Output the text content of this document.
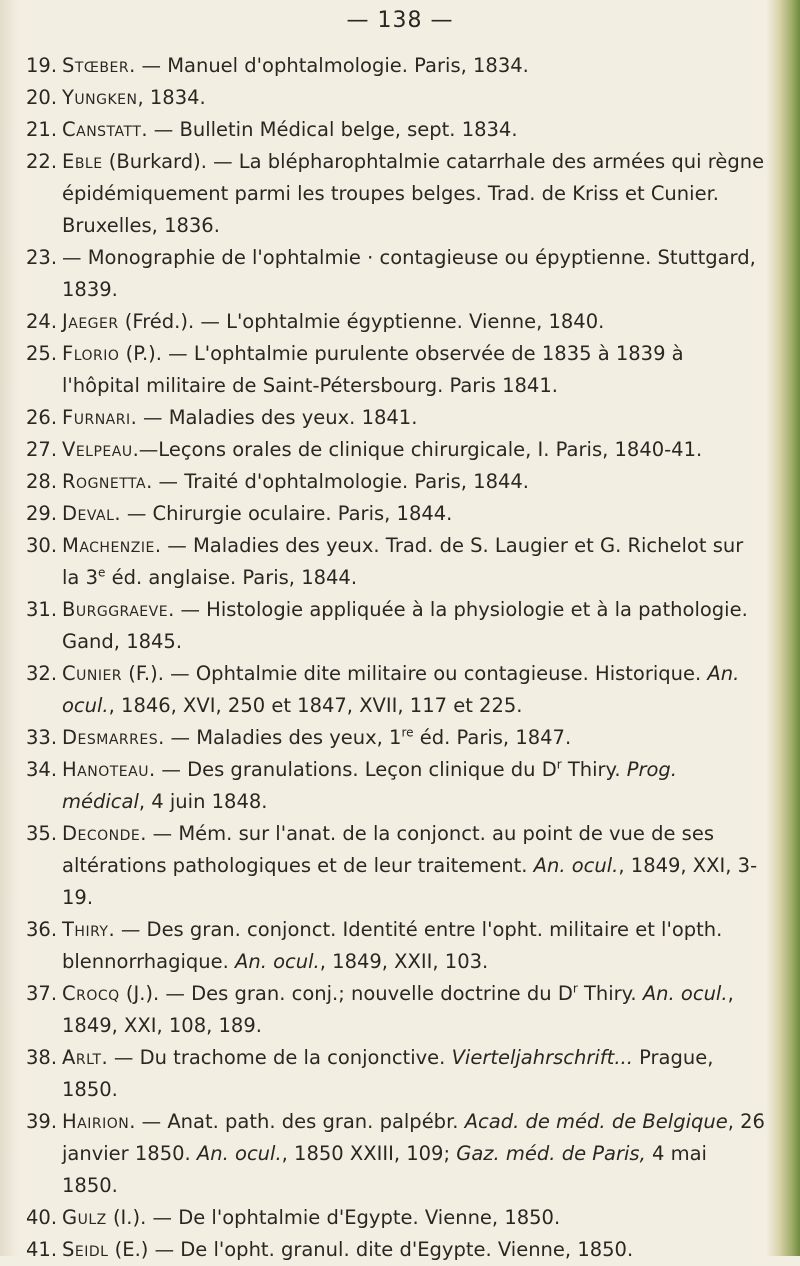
— 138 —
19. Stœber. — Manuel d'ophtalmologie. Paris, 1834.
20. Yungken, 1834.
21. Canstatt. — Bulletin Médical belge, sept. 1834.
22. Eble (Burkard). — La blépharophtalmie catarrhale des armées qui règne épidémiquement parmi les troupes belges. Trad. de Kriss et Cunier. Bruxelles, 1836.
23. — Monographie de l'ophtalmie · contagieuse ou épyptienne. Stuttgard, 1839.
24. Jaeger (Fréd.). — L'ophtalmie égyptienne. Vienne, 1840.
25. Florio (P.). — L'ophtalmie purulente observée de 1835 à 1839 à l'hôpital militaire de Saint-Pétersbourg. Paris 1841.
26. Furnari. — Maladies des yeux. 1841.
27. Velpeau.—Leçons orales de clinique chirurgicale, I. Paris, 1840-41.
28. Rognetta. — Traité d'ophtalmologie. Paris, 1844.
29. Deval. — Chirurgie oculaire. Paris, 1844.
30. Machenzie. — Maladies des yeux. Trad. de S. Laugier et G. Richelot sur la 3e éd. anglaise. Paris, 1844.
31. Burggraeve. — Histologie appliquée à la physiologie et à la pathologie. Gand, 1845.
32. Cunier (F.). — Ophtalmie dite militaire ou contagieuse. Historique. An. ocul., 1846, XVI, 250 et 1847, XVII, 117 et 225.
33. Desmarres. — Maladies des yeux, 1re éd. Paris, 1847.
34. Hanoteau. — Des granulations. Leçon clinique du $D^r$ Thiry. Prog. médical, 4 juin 1848.
35. Deconde. — Mém. sur l'anat. de la conjonct. au point de vue de ses altérations pathologiques et de leur traitement. An. ocul., 1849, XXI, 3-19.
36. Thiry. — Des gran. conjonct. Identité entre l'opht. militaire et l'opth. blennorrhagique. An. ocul., 1849, XXII, 103.
37. Crocq (J.). — Des gran. conj.; nouvelle doctrine du $D^r$ Thiry. An. ocul., 1849, XXI, 108, 189.
38. Arlt. — Du trachome de la conjonctive. Vierteljahrschrift... Prague, 1850.
39. Hairion. — Anat. path. des gran. palpébr. Acad. de méd. de Belgique, 26 janvier 1850. An. ocul., 1850 XXIII, 109; Gaz. méd. de Paris, 4 mai 1850.
40. Gulz (I.). — De l'ophtalmie d'Egypte. Vienne, 1850.
41. Seidl (E.) — De l'opht. granul. dite d'Egypte. Vienne, 1850.
